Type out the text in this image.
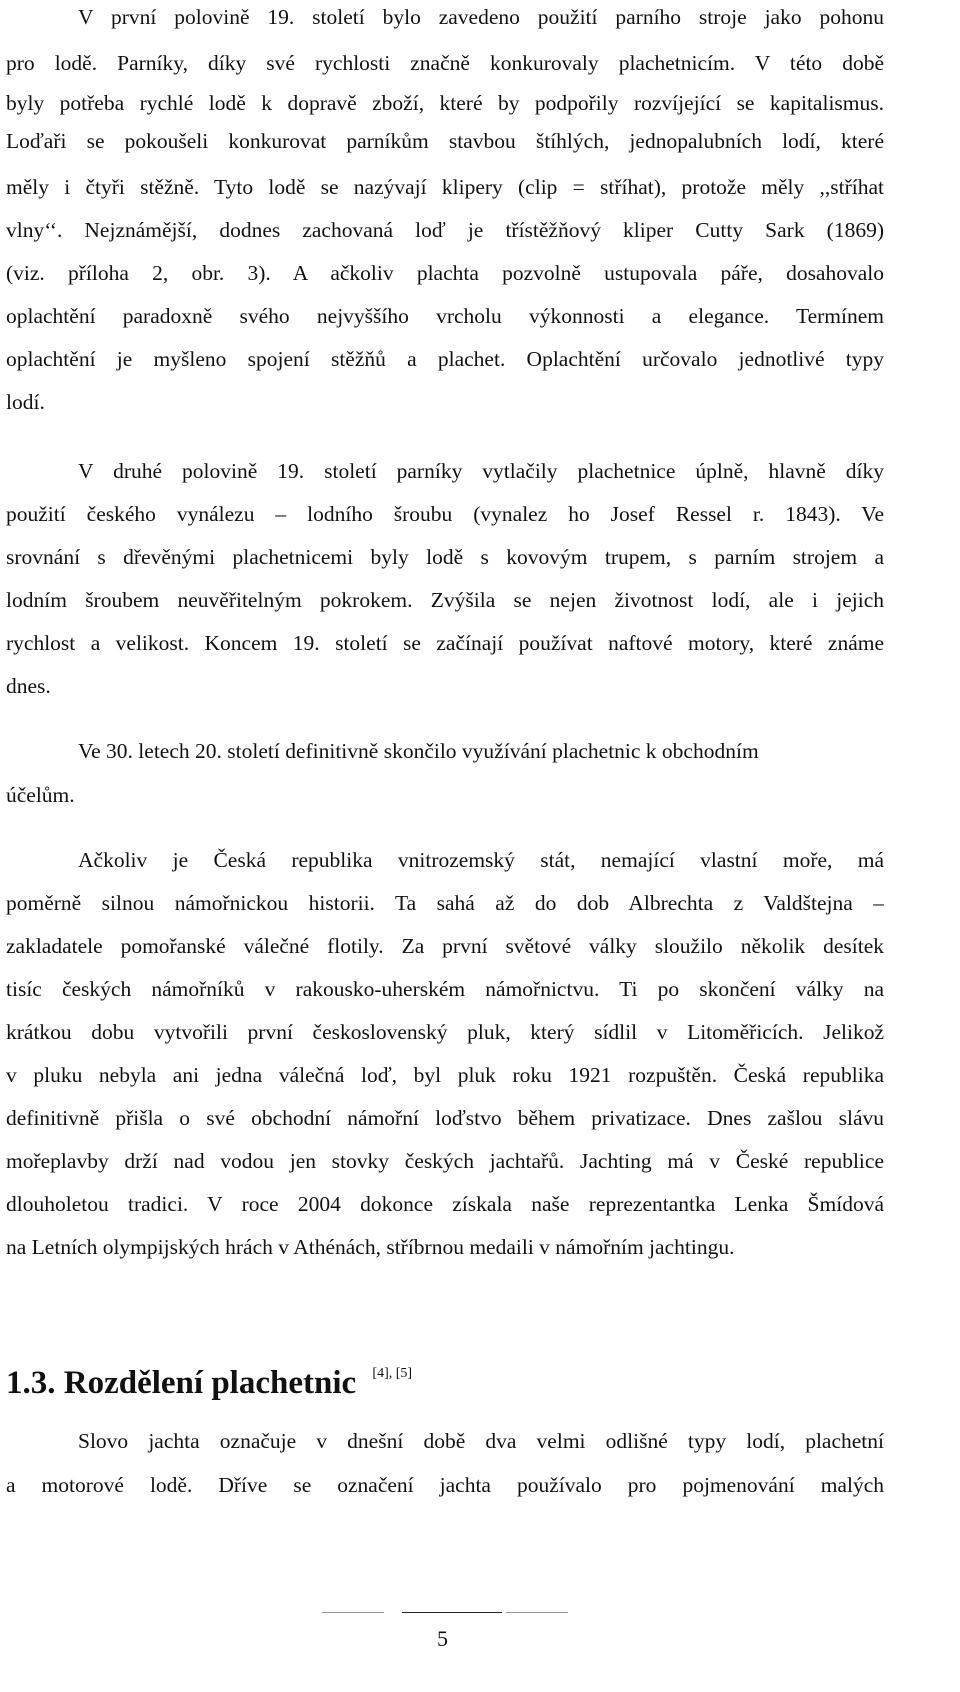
V první polovině 19. století bylo zavedeno použití parního stroje jako pohonu
pro lodě. Parníky, díky své rychlosti značně konkurovaly plachetnicím. V této době
byly potřeba rychlé lodě k dopravě zboží, které by podpořily rozvíjející se kapitalismus.
Loďaři se pokoušeli konkurovat parníkům stavbou štíhlých, jednopalubních lodí, které
měly i čtyři stěžně. Tyto lodě se nazývají klipery (clip = stříhat), protože měly ,,stříhat
vlny‘‘. Nejznámější, dodnes zachovaná loď je třístěžňový kliper Cutty Sark (1869)
(viz. příloha 2, obr. 3). A ačkoliv plachta pozvolně ustupovala páře, dosahovalo
oplachtění paradoxně svého nejvyššího vrcholu výkonnosti a elegance. Termínem
oplachtění je myšleno spojení stěžňů a plachet. Oplachtění určovalo jednotlivé typy
lodí.
V druhé polovině 19. století parníky vytlačily plachetnice úplně, hlavně díky
použití českého vynálezu – lodního šroubu (vynalez ho Josef Ressel r. 1843). Ve
srovnání s dřevěnými plachetnicemi byly lodě s kovovým trupem, s parním strojem a
lodním šroubem neuvěřitelným pokrokem. Zvýšila se nejen životnost lodí, ale i jejich
rychlost a velikost. Koncem 19. století se začínají používat naftové motory, které známe
dnes.
Ve 30. letech 20. století definitivně skončilo využívání plachetnic k obchodním
účelům.
Ačkoliv je Česká republika vnitrozemský stát, nemající vlastní moře, má
poměrně silnou námořnickou historii. Ta sahá až do dob Albrechta z Valdštejna –
zakladatele pomořanské válečné flotily. Za první světové války sloužilo několik desítek
tisíc českých námořníků v rakousko-uherském námořnictvu. Ti po skončení války na
krátkou dobu vytvořili první československý pluk, který sídlil v Litoměřicích. Jelikož
v pluku nebyla ani jedna válečná loď, byl pluk roku 1921 rozpuštěn. Česká republika
definitivně přišla o své obchodní námořní loďstvo během privatizace. Dnes zašlou slávu
mořeplavby drží nad vodou jen stovky českých jachtařů. Jachting má v České republice
dlouholetou tradici. V roce 2004 dokonce získala naše reprezentantka Lenka Šmídová
na Letních olympijských hrách v Athénách, stříbrnou medaili v námořním jachtingu.
1.3. Rozdělení plachetnic [4], [5]
Slovo jachta označuje v dnešní době dva velmi odlišné typy lodí, plachetní
a motorové lodě. Dříve se označení jachta používalo pro pojmenování malých
5
